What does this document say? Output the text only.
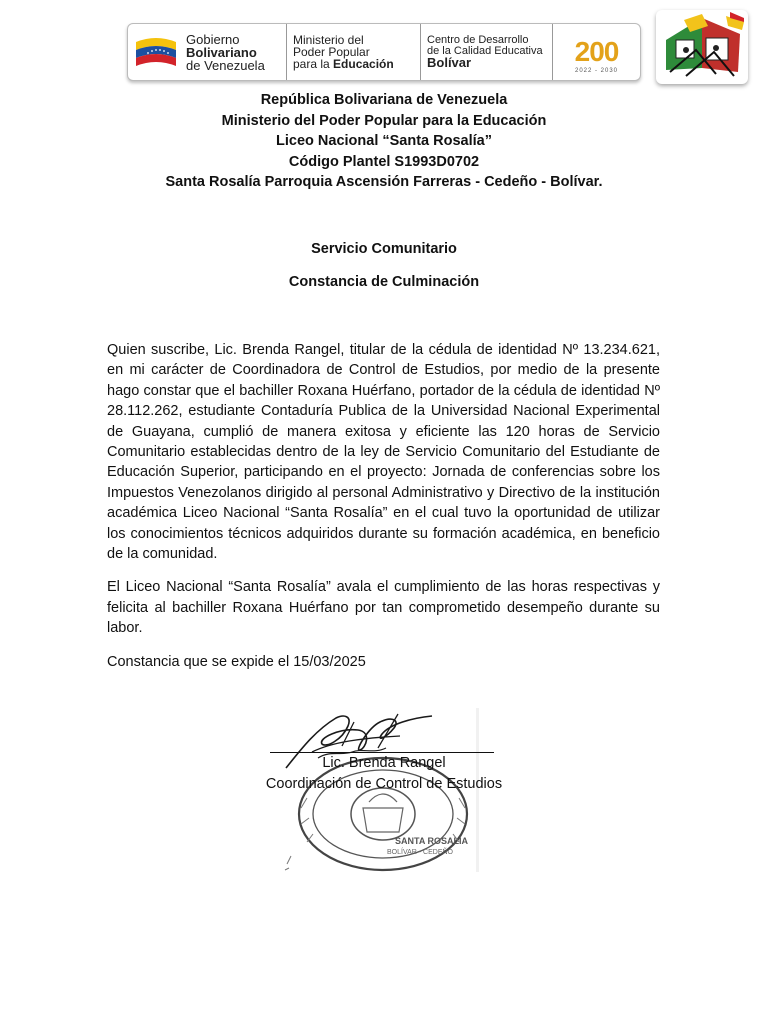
Gobierno
Bolivariano
de Venezuela
Ministerio del
Poder Popular
para la Educación
Centro de Desarrollo
de la Calidad Educativa
Bolívar	200
2022 - 2030
República Bolivariana de Venezuela
Ministerio del Poder Popular para la Educación
Liceo Nacional “Santa Rosalía”
Código Plantel S1993D0702
Santa Rosalía Parroquia Ascensión Farreras - Cedeño - Bolívar.
Servicio Comunitario
Constancia de Culminación

Quien suscribe, Lic. Brenda Rangel, titular de la cédula de identidad Nº 13.234.621, en mi carácter de Coordinadora de Control de Estudios, por medio de la presente hago constar que el bachiller Roxana Huérfano, portador de la cédula de identidad Nº 28.112.262, estudiante Contaduría Publica de la Universidad Nacional Experimental de Guayana, cumplió de manera exitosa y eficiente las 120 horas de Servicio Comunitario establecidas dentro de la ley de Servicio Comunitario del Estudiante de Educación Superior, participando en el proyecto: Jornada de conferencias sobre los Impuestos Venezolanos dirigido al personal Administrativo y Directivo de la institución académica Liceo Nacional “Santa Rosalía” en el cual tuvo la oportunidad de utilizar los conocimientos técnicos adquiridos durante su formación académica, en beneficio de la comunidad.

El Liceo Nacional “Santa Rosalía” avala el cumplimiento de las horas respectivas y felicita al bachiller Roxana Huérfano por tan comprometido desempeño durante su labor.

Constancia que se expide el 15/03/2025

SANTA ROSALÍA
BOLÍVAR - CEDEÑO
Lic. Brenda Rangel
Coordinación de Control de Estudios
